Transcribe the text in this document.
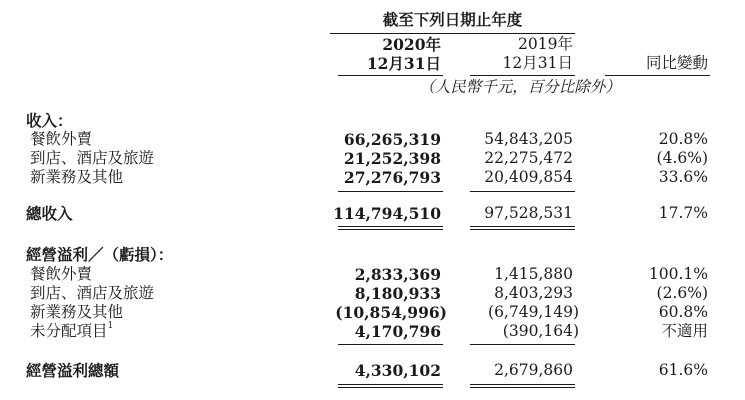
截至下列日期止年度
2020年
12月31日
2019年
12月31日	同比變動
（人民幣千元，百分比除外）
收入：
餐飲外賣	66,265,319	54,843,205	20.8%
到店、酒店及旅遊	21,252,398	22,275,472	(4.6%)
新業務及其他	27,276,793	20,409,854	33.6%
總收入	114,794,510	97,528,531	17.7%
經營溢利／（虧損）：
餐飲外賣	2,833,369	1,415,880	100.1%
到店、酒店及旅遊	8,180,933	8,403,293	(2.6%)
新業務及其他	(10,854,996)	(6,749,149)	60.8%
未分配項目$^1$	4,170,796	(390,164)	不適用
經營溢利總額	4,330,102	2,679,860	61.6%
